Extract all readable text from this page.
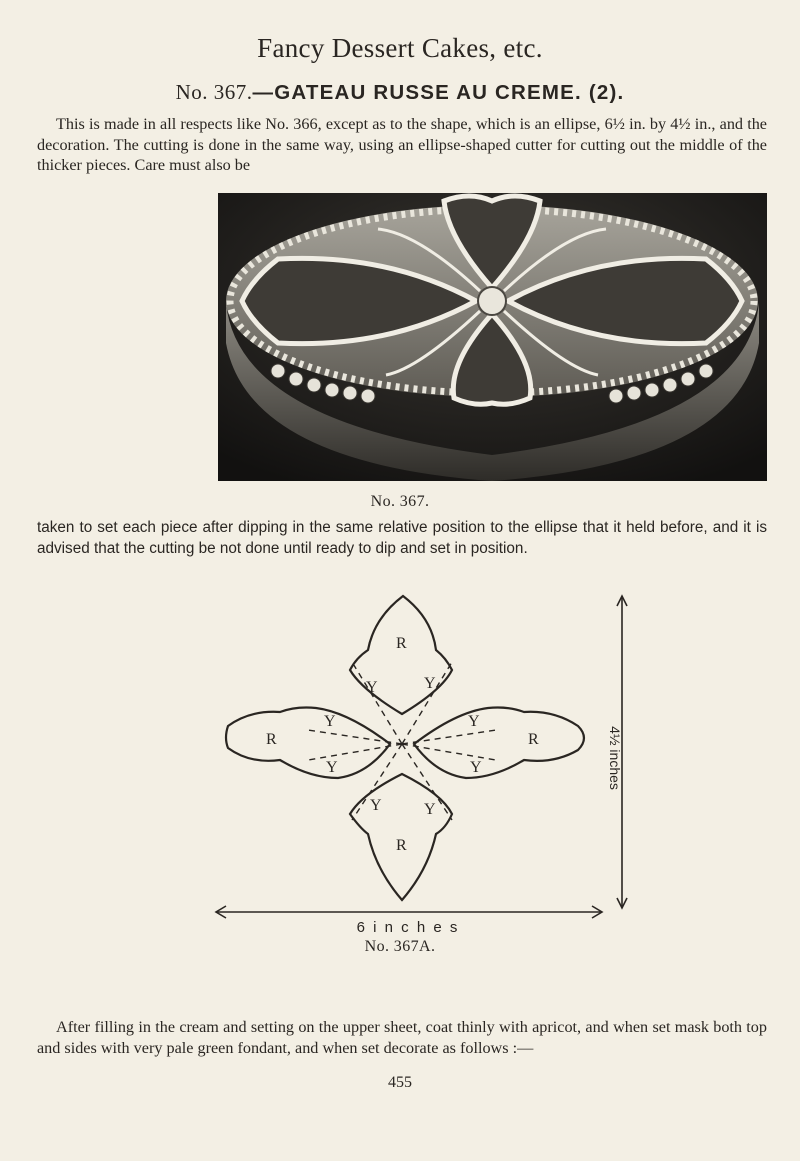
Fancy Dessert Cakes, etc.
No. 367.—GATEAU RUSSE AU CREME. (2).

This is made in all respects like No. 366, except as to the shape, which is an ellipse, 6½ in. by 4½ in., and the decoration. The cutting is done in the same way, using an ellipse-shaped cutter for cutting out the middle of the thicker pieces. Care must also be

No. 367.

taken to set each piece after dipping in the same relative position to the ellipse that it held before, and it is advised that the cutting be not done until ready to dip and set in position.

R
R
R	R
Y	Y
Y	Y
Y	Y
Y	Y
6 i n c h e s
4½ inches
No. 367A.

After filling in the cream and setting on the upper sheet, coat thinly with apricot, and when set mask both top and sides with very pale green fondant, and when set decorate as follows :—

455
